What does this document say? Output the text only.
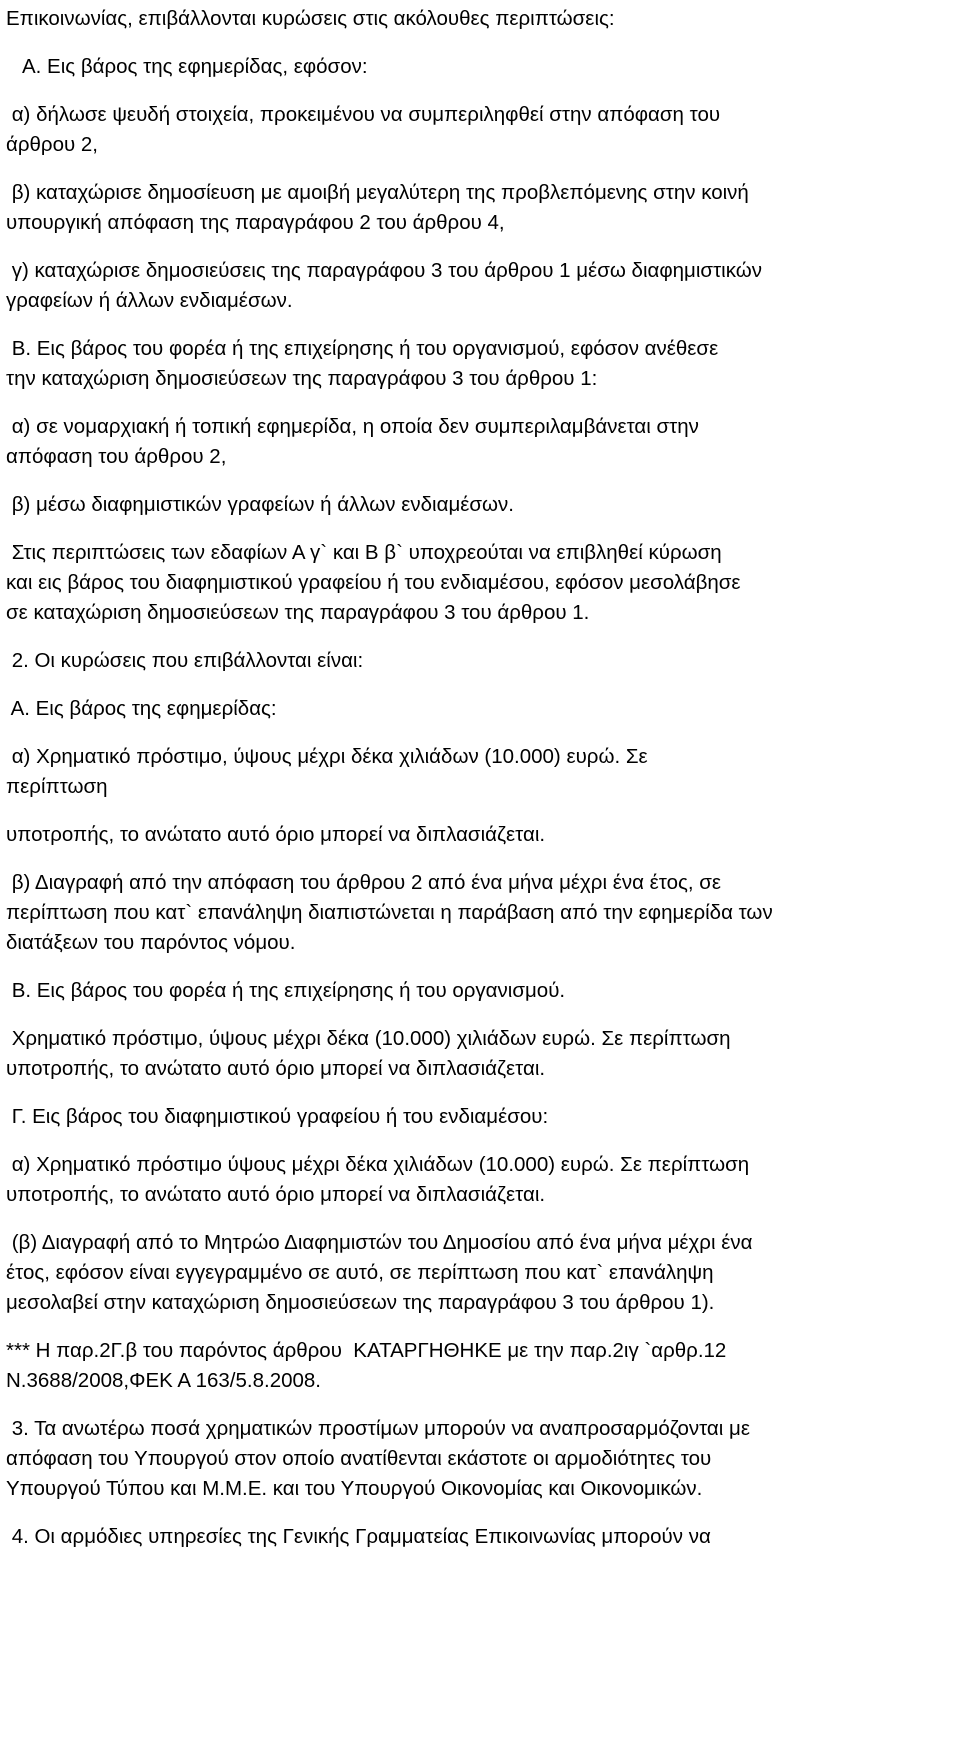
Επικοινωνίας, επιβάλλονται κυρώσεις στις ακόλουθες περιπτώσεις:
Α. Εις βάρος της εφημερίδας, εφόσον:
α) δήλωσε ψευδή στοιχεία, προκειμένου να συμπεριληφθεί στην απόφαση του
άρθρου 2,
β) καταχώρισε δημοσίευση με αμοιβή μεγαλύτερη της προβλεπόμενης στην κοινή
υπουργική απόφαση της παραγράφου 2 του άρθρου 4,
γ) καταχώρισε δημοσιεύσεις της παραγράφου 3 του άρθρου 1 μέσω διαφημιστικών
γραφείων ή άλλων ενδιαμέσων.
Β. Εις βάρος του φορέα ή της επιχείρησης ή του οργανισμού, εφόσον ανέθεσε
την καταχώριση δημοσιεύσεων της παραγράφου 3 του άρθρου 1:
α) σε νομαρχιακή ή τοπική εφημερίδα, η οποία δεν συμπεριλαμβάνεται στην
απόφαση του άρθρου 2,
β) μέσω διαφημιστικών γραφείων ή άλλων ενδιαμέσων.
Στις περιπτώσεις των εδαφίων Α γ` και Β β` υποχρεούται να επιβληθεί κύρωση
και εις βάρος του διαφημιστικού γραφείου ή του ενδιαμέσου, εφόσον μεσολάβησε
σε καταχώριση δημοσιεύσεων της παραγράφου 3 του άρθρου 1.
2. Οι κυρώσεις που επιβάλλονται είναι:
Α. Εις βάρος της εφημερίδας:
α) Χρηματικό πρόστιμο, ύψους μέχρι δέκα χιλιάδων (10.000) ευρώ. Σε
περίπτωση
υποτροπής, το ανώτατο αυτό όριο μπορεί να διπλασιάζεται.
β) Διαγραφή από την απόφαση του άρθρου 2 από ένα μήνα μέχρι ένα έτος, σε
περίπτωση που κατ` επανάληψη διαπιστώνεται η παράβαση από την εφημερίδα των
διατάξεων του παρόντος νόμου.
Β. Εις βάρος του φορέα ή της επιχείρησης ή του οργανισμού.
Χρηματικό πρόστιμο, ύψους μέχρι δέκα (10.000) χιλιάδων ευρώ. Σε περίπτωση
υποτροπής, το ανώτατο αυτό όριο μπορεί να διπλασιάζεται.
Γ. Εις βάρος του διαφημιστικού γραφείου ή του ενδιαμέσου:
α) Χρηματικό πρόστιμο ύψους μέχρι δέκα χιλιάδων (10.000) ευρώ. Σε περίπτωση
υποτροπής, το ανώτατο αυτό όριο μπορεί να διπλασιάζεται.
(β) Διαγραφή από το Μητρώο Διαφημιστών του Δημοσίου από ένα μήνα μέχρι ένα
έτος, εφόσον είναι εγγεγραμμένο σε αυτό, σε περίπτωση που κατ` επανάληψη
μεσολαβεί στην καταχώριση δημοσιεύσεων της παραγράφου 3 του άρθρου 1).
*** Η παρ.2Γ.β του παρόντος άρθρου  ΚΑΤΑΡΓΗΘΗΚΕ με την παρ.2ιγ `αρθρ.12
Ν.3688/2008,ΦΕΚ Α 163/5.8.2008.
3. Τα ανωτέρω ποσά χρηματικών προστίμων μπορούν να αναπροσαρμόζονται με
απόφαση του Υπουργού στον οποίο ανατίθενται εκάστοτε οι αρμοδιότητες του
Υπουργού Τύπου και Μ.Μ.Ε. και του Υπουργού Οικονομίας και Οικονομικών.
4. Οι αρμόδιες υπηρεσίες της Γενικής Γραμματείας Επικοινωνίας μπορούν να
